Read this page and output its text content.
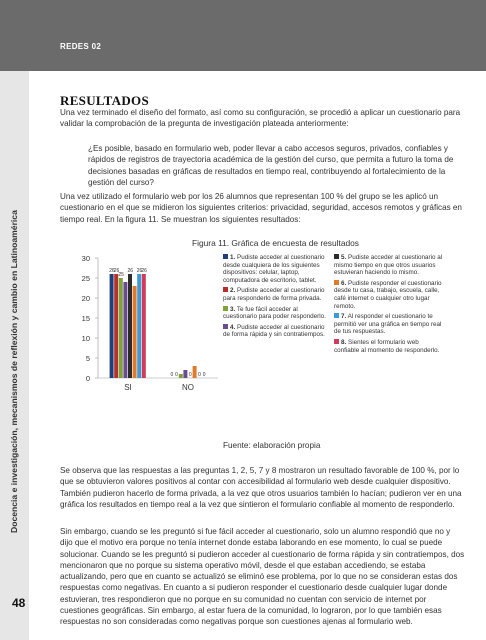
REDES 02
Docencia e investigación, mecanismos de reflexión y cambio en Latinoamérica
48
RESULTADOS
Una vez terminado el diseño del formato, así como su configuración, se procedió a aplicar un cuestionario para validar la comprobación de la pregunta de investigación plateada anteriormente:
¿Es posible, basado en formulario web, poder llevar a cabo accesos seguros, privados, confiables y rápidos de registros de trayectoria académica de la gestión del curso, que permita a futuro la toma de decisiones basadas en gráficas de resultados en tiempo real, contribuyendo al fortalecimiento de la gestión del curso?
Una vez utilizado el formulario web por los 26 alumnos que representan 100 % del grupo se les aplicó un cuestionario en el que se midieron los siguientes criterios: privacidad, seguridad, accesos remotos y gráficas en tiempo real. En la figura 11. Se muestran los siguientes resultados:
Figura 11. Gráfica de encuesta de resultados
0
5
10
15
20
25
30
26 26
25
26 26 26
SI
0 0 0 0 0
NO
1. Pudiste acceder al cuestionario desde cualquiera de los siguientes dispositivos: celular, laptop, computadora de escritorio, tablet.
2. Pudiste acceder al cuestionario para responderlo de forma privada.
3. Te fue fácil acceder al cuestionario para poder responderlo.
4. Pudiste acceder al cuestionario de forma rápida y sin contratiempos.
5. Pudiste acceder al cuestionario al mismo tiempo en que otros usuarios estuvieran haciendo lo mismo.
6. Pudiste responder el cuestionario desde tu casa, trabajo, escuela, calle, café internet o cualquier otro lugar remoto.
7. Al responder el cuestionario te permitió ver una gráfica en tiempo real de tus respuestas.
8. Sientes el formulario web confiable al momento de responderlo.
Fuente: elaboración propia
Se observa que las respuestas a las preguntas 1, 2, 5, 7 y 8 mostraron un resultado favorable de 100 %, por lo que se obtuvieron valores positivos al contar con accesibilidad al formulario web desde cualquier dispositivo. También pudieron hacerlo de forma privada, a la vez que otros usuarios también lo hacían; pudieron ver en una gráfica los resultados en tiempo real a la vez que sintieron el formulario confiable al momento de responderlo.
Sin embargo, cuando se les preguntó si fue fácil acceder al cuestionario, solo un alumno respondió que no y dijo que el motivo era porque no tenía internet donde estaba laborando en ese momento, lo cual se puede solucionar. Cuando se les preguntó si pudieron acceder al cuestionario de forma rápida y sin contratiempos, dos mencionaron que no porque su sistema operativo móvil, desde el que estaban accediendo, se estaba actualizando, pero que en cuanto se actualizó se eliminó ese problema, por lo que no se consideran estas dos respuestas como negativas. En cuanto a si pudieron responder el cuestionario desde cualquier lugar donde estuvieran, tres respondieron que no porque en su comunidad no cuentan con servicio de internet por cuestiones geográficas. Sin embargo, al estar fuera de la comunidad, lo lograron, por lo que también esas respuestas no son consideradas como negativas porque son cuestiones ajenas al formulario web.
